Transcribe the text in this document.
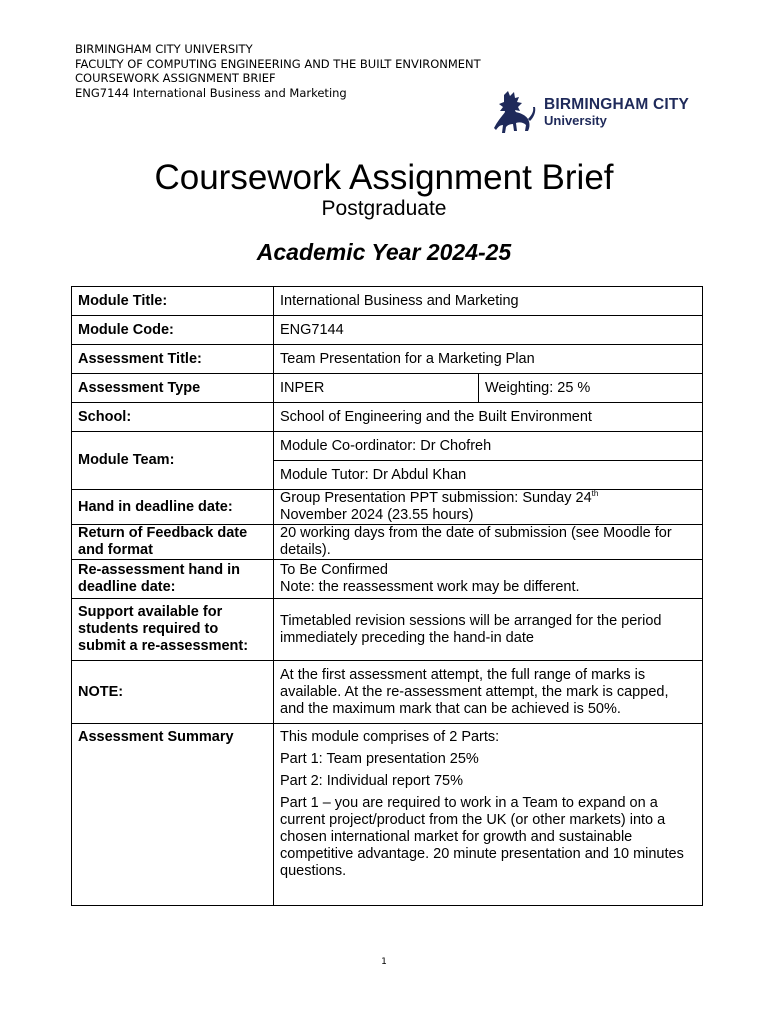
BIRMINGHAM CITY UNIVERSITY
FACULTY OF COMPUTING ENGINEERING AND THE BUILT ENVIRONMENT
COURSEWORK ASSIGNMENT BRIEF
ENG7144 International Business and Marketing
BIRMINGHAM CITY
University
Coursework Assignment Brief
Postgraduate
Academic Year 2024-25
Module Title:	International Business and Marketing	
Module Code:	ENG7144	
Assessment Title:	Team Presentation for a Marketing Plan	
Assessment Type	INPER	Weighting: 25 %
School:	School of Engineering and the Built Environment	
Module Team:	Module Co-ordinator: Dr Chofreh	
	Module Tutor: Dr Abdul Khan	
Hand in deadline date:	Group Presentation PPT submission: Sunday 24th
November 2024 (23.55 hours)	
Return of Feedback date and format	20 working days from the date of submission (see Moodle for details).	
Re-assessment hand in deadline date:	To Be Confirmed
Note: the reassessment work may be different.	
Support available for students required to submit a re-assessment:	Timetabled revision sessions will be arranged for the period immediately preceding the hand-in date	
NOTE:	At the first assessment attempt, the full range of marks is available. At the re-assessment attempt, the mark is capped, and the maximum mark that can be achieved is 50%.	
Assessment Summary	This module comprises of 2 Parts:

Part 1: Team presentation 25%

Part 2: Individual report 75%

Part 1 – you are required to work in a Team to expand on a current project/product from the UK (or other markets) into a chosen international market for growth and sustainable competitive advantage. 20 minute presentation and 10 minutes questions.	

1
